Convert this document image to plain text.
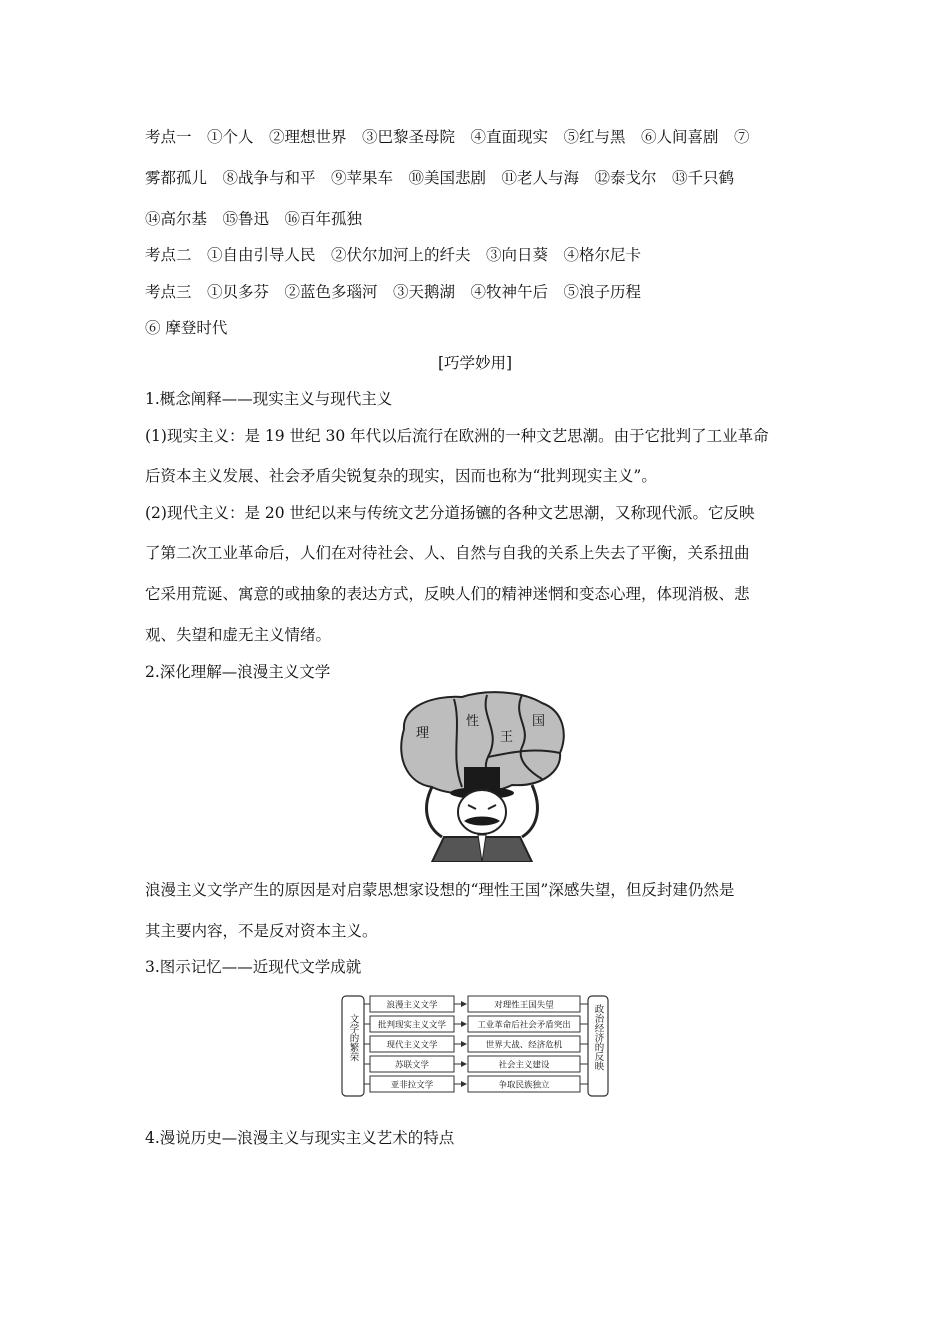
考点一　①个人　②理想世界　③巴黎圣母院　④直面现实　⑤红与黑　⑥人间喜剧　⑦
雾都孤儿　⑧战争与和平　⑨苹果车　⑩美国悲剧　⑪老人与海　⑫泰戈尔　⑬千只鹤
⑭高尔基　⑮鲁迅　⑯百年孤独
考点二　①自由引导人民　②伏尔加河上的纤夫　③向日葵　④格尔尼卡
考点三　①贝多芬　②蓝色多瑙河　③天鹅湖　④牧神午后　⑤浪子历程
⑥ 摩登时代
[巧学妙用]
1.概念阐释——现实主义与现代主义
(1)现实主义：是 19 世纪 30 年代以后流行在欧洲的一种文艺思潮。由于它批判了工业革命
后资本主义发展、社会矛盾尖锐复杂的现实，因而也称为“批判现实主义”。
(2)现代主义：是 20 世纪以来与传统文艺分道扬镳的各种文艺思潮，又称现代派。它反映
了第二次工业革命后，人们在对待社会、人、自然与自我的关系上失去了平衡，关系扭曲
它采用荒诞、寓意的或抽象的表达方式，反映人们的精神迷惘和变态心理，体现消极、悲
观、失望和虚无主义情绪。
2.深化理解—浪漫主义文学
理
性
王
国
浪漫主义文学产生的原因是对启蒙思想家设想的“理性王国”深感失望，但反封建仍然是
其主要内容，不是反对资本主义。
3.图示记忆——近现代文学成就
文学的繁荣	政治经济的反映
浪漫主义文学	对理性王国失望
批判现实主义文学	工业革命后社会矛盾突出
现代主义文学	世界大战、经济危机
苏联文学	社会主义建设
亚非拉文学	争取民族独立
4.漫说历史—浪漫主义与现实主义艺术的特点
